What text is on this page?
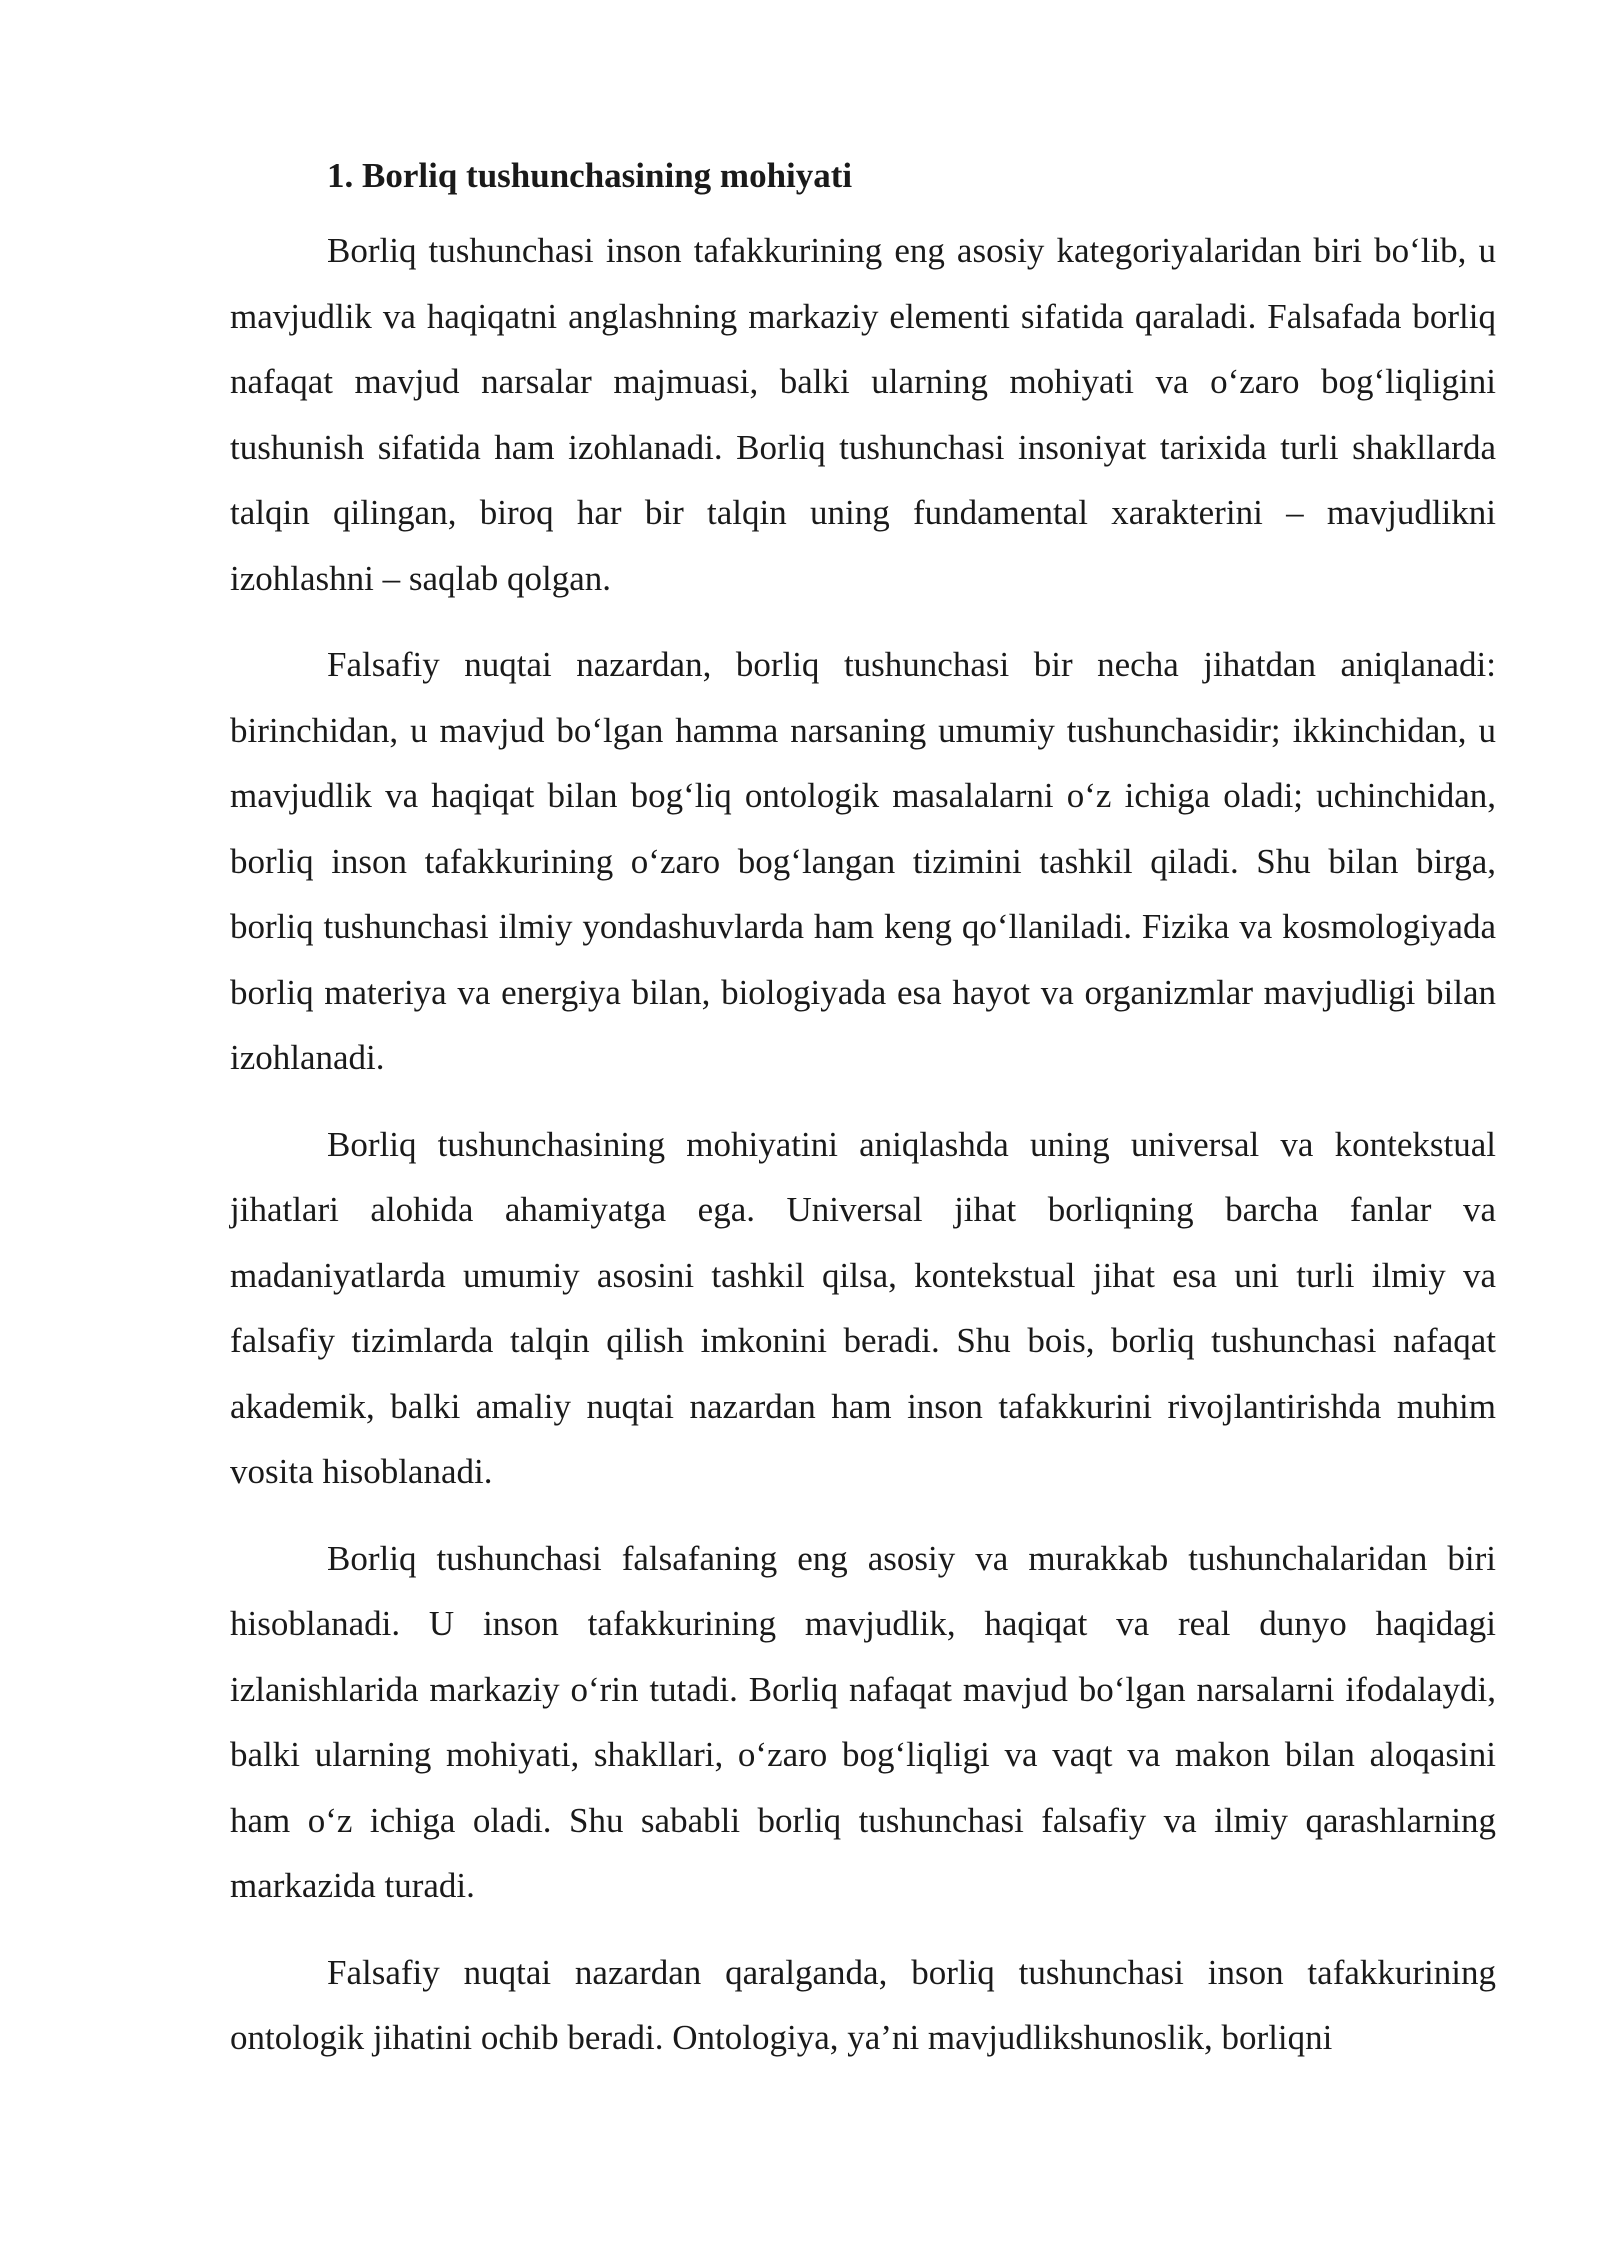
1. Borliq tushunchasining mohiyati

Borliq tushunchasi inson tafakkurining eng asosiy kategoriyalaridan biri bo‘lib, u mavjudlik va haqiqatni anglashning markaziy elementi sifatida qaraladi. Falsafada borliq nafaqat mavjud narsalar majmuasi, balki ularning mohiyati va o‘zaro bog‘liqligini tushunish sifatida ham izohlanadi. Borliq tushunchasi insoniyat tarixida turli shakllarda talqin qilingan, biroq har bir talqin uning fundamental xarakterini – mavjudlikni izohlashni – saqlab qolgan.

Falsafiy nuqtai nazardan, borliq tushunchasi bir necha jihatdan aniqlanadi: birinchidan, u mavjud bo‘lgan hamma narsaning umumiy tushunchasidir; ikkinchidan, u mavjudlik va haqiqat bilan bog‘liq ontologik masalalarni o‘z ichiga oladi; uchinchidan, borliq inson tafakkurining o‘zaro bog‘langan tizimini tashkil qiladi. Shu bilan birga, borliq tushunchasi ilmiy yondashuvlarda ham keng qo‘llaniladi. Fizika va kosmologiyada borliq materiya va energiya bilan, biologiyada esa hayot va organizmlar mavjudligi bilan izohlanadi.

Borliq tushunchasining mohiyatini aniqlashda uning universal va kontekstual jihatlari alohida ahamiyatga ega. Universal jihat borliqning barcha fanlar va madaniyatlarda umumiy asosini tashkil qilsa, kontekstual jihat esa uni turli ilmiy va falsafiy tizimlarda talqin qilish imkonini beradi. Shu bois, borliq tushunchasi nafaqat akademik, balki amaliy nuqtai nazardan ham inson tafakkurini rivojlantirishda muhim vosita hisoblanadi.

Borliq tushunchasi falsafaning eng asosiy va murakkab tushunchalaridan biri hisoblanadi. U inson tafakkurining mavjudlik, haqiqat va real dunyo haqidagi izlanishlarida markaziy o‘rin tutadi. Borliq nafaqat mavjud bo‘lgan narsalarni ifodalaydi, balki ularning mohiyati, shakllari, o‘zaro bog‘liqligi va vaqt va makon bilan aloqasini ham o‘z ichiga oladi. Shu sababli borliq tushunchasi falsafiy va ilmiy qarashlarning markazida turadi.

Falsafiy nuqtai nazardan qaralganda, borliq tushunchasi inson tafakkurining ontologik jihatini ochib beradi. Ontologiya, ya’ni mavjudlikshunoslik, borliqni
